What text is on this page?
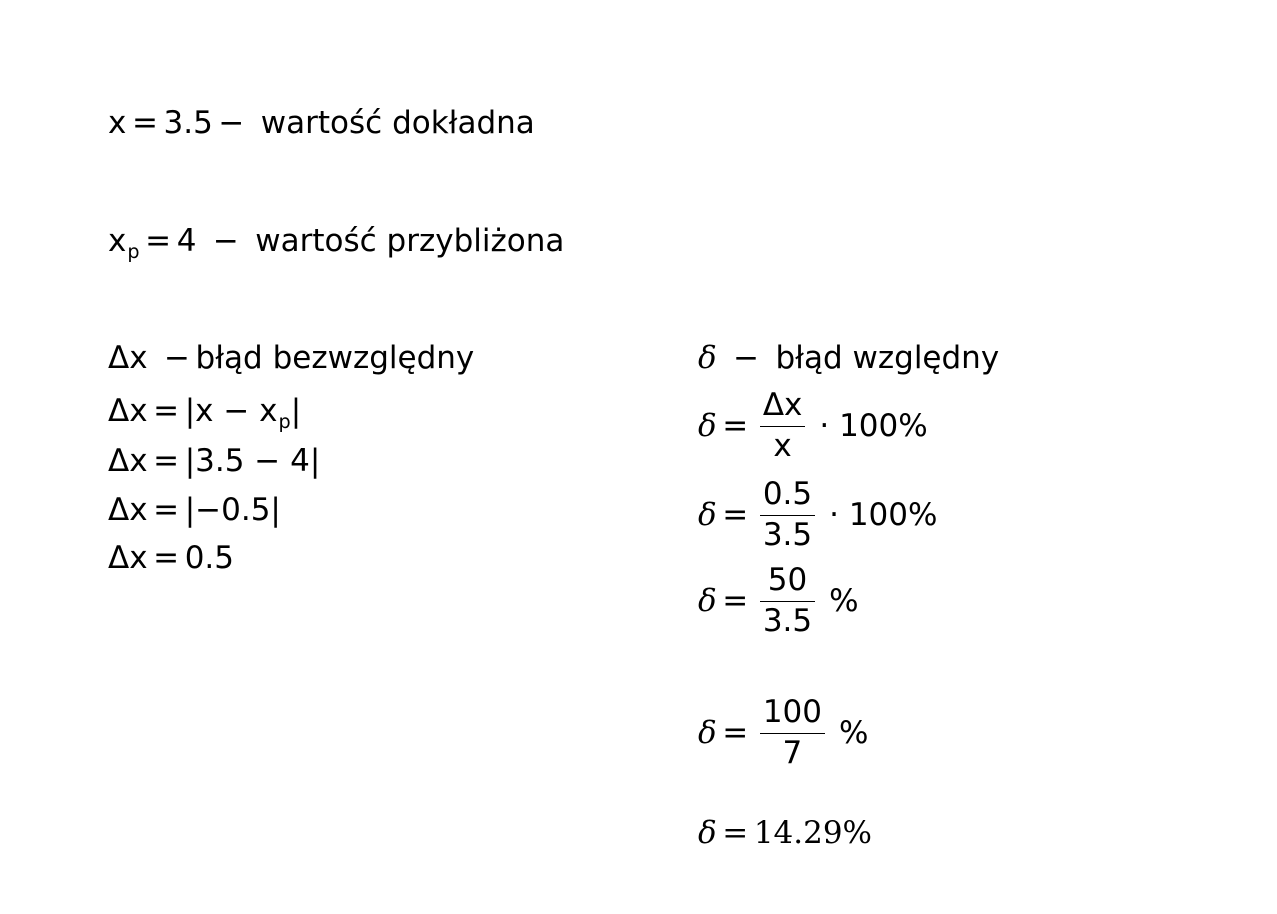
x = 3.5 − wartość dokładna
$x_p = 4$ − wartość przybliżona
Δx − błąd bezwzględny
$\Delta x = |x - x_p|$
Δx = |3.5 − 4|
Δx = |−0.5|
Δx = 0.5
δ − błąd względny
$\delta = \frac{\Delta x}{x} \cdot 100\%$
$\delta = \frac{0.5}{3.5} \cdot 100\%$
$\delta = \frac{50}{3.5}$ %
$\delta = \frac{100}{7}$ %
δ = 14.29%
